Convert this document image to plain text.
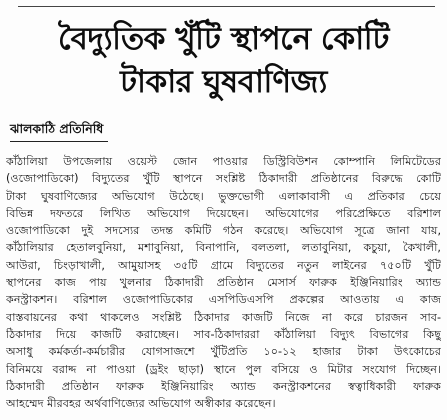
বৈদ্যুতিক খুঁটি স্থাপনে কোটি
টাকার ঘুষবাণিজ্য
ঝালকাঠি প্রতিনিধি
কাঁঠালিয়া উপজেলায় ওয়েস্ট জোন পাওয়ার ডিস্ট্রিবিউশন কোম্পানি লিমিটেডের
(ওজোপাডিকো) বিদ্যুতের খুঁটি স্থাপনে সংশ্লিষ্ট ঠিকাদারী প্রতিষ্ঠানের বিরুদ্ধে কোটি
টাকা ঘুষবাণিজ্যের অভিযোগ উঠেছে। ভুক্তভোগী এলাকাবাসী এ প্রতিকার চেয়ে
বিভিন্ন দফতরে লিখিত অভিযোগ দিয়েছেন। অভিযোগের পরিপ্রেক্ষিতে বরিশাল
ওজোপাডিকো দুই সদস্যের তদন্ত কমিটি গঠন করেছে। অভিযোগ সূত্রে জানা যায়,
কাঁঠালিয়ার হেতালবুনিয়া, মশাবুনিয়া, বিনাপানি, বলতলা, লতাবুনিয়া, কচুয়া, কৈখালী,
আউরা, চিংড়াখালী, আমুয়াসহ ৩৫টি গ্রামে বিদ্যুতের নতুন লাইনের ৭৫০টি খুঁটি
স্থাপনের কাজ পায় খুলনার ঠিকাদারী প্রতিষ্ঠান মেসার্স ফারুক ইঞ্জিনিয়ারিং অ্যান্ড
কনস্ট্রাকশন। বরিশাল ওজোপাডিকোর এসপিডিএসপি প্রকল্পের আওতায় এ কাজ
বাস্তবায়নের কথা থাকলেও সংশ্লিষ্ট ঠিকাদার কাজটি নিজে না করে চারজন সাব-
ঠিকাদার দিয়ে কাজটি করাচ্ছেন। সাব-ঠিকাদাররা কাঁঠালিয়া বিদ্যুৎ বিভাগের কিছু
অসাধু কর্মকর্তা-কর্মচারীর যোগসাজশে খুঁটিপ্রতি ১০-১২ হাজার টাকা উৎকোচের
বিনিময়ে বরাদ্দ না পাওয়া (ড্রইং ছাড়া) স্থানে পুল বসিয়ে ও মিটার সংযোগ দিচ্ছেন।
ঠিকাদারী প্রতিষ্ঠান ফারুক ইঞ্জিনিয়ারিং অ্যান্ড কনস্ট্রাকশনের স্বত্বাধিকারী ফারুক
আহম্মেদ মীরবহর অর্থবাণিজ্যের অভিযোগ অস্বীকার করেছেন।
